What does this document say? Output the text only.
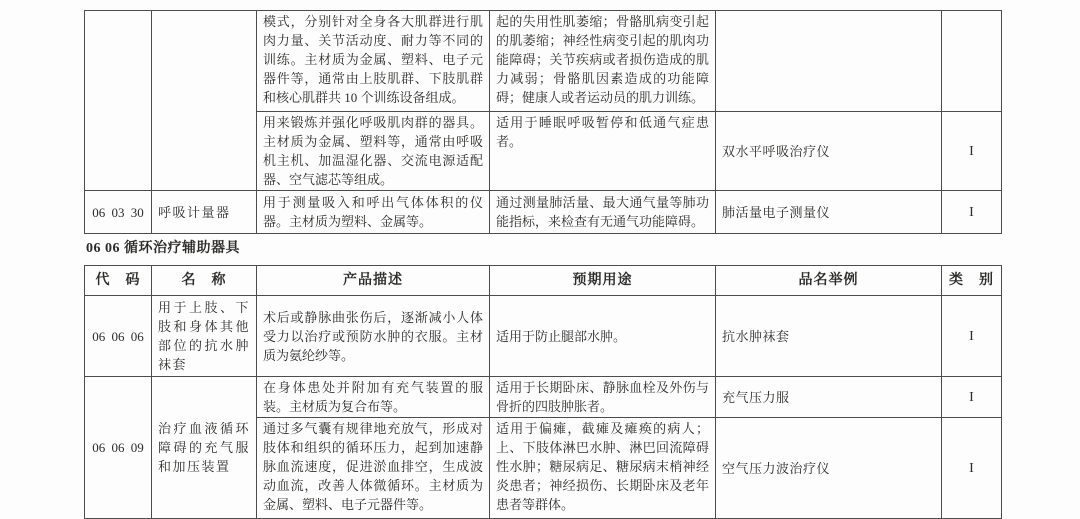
		模式，分别针对全身各大肌群进行肌肉力量、关节活动度、耐力等不同的训练。主材质为金属、塑料、电子元器件等，通常由上肢肌群、下肢肌群和核心肌群共 10 个训练设备组成。	起的失用性肌萎缩；骨骼肌病变引起的肌萎缩；神经性病变引起的肌肉功能障碍；关节疾病或者损伤造成的肌力减弱；骨骼肌因素造成的功能障碍；健康人或者运动员的肌力训练。		
		用来锻炼并强化呼吸肌肉群的器具。主材质为金属、塑料等，通常由呼吸机主机、加温湿化器、交流电源适配器、空气滤芯等组成。	适用于睡眠呼吸暂停和低通气症患者。	双水平呼吸治疗仪	I
06 03 30	呼吸计量器	用于测量吸入和呼出气体体积的仪器。主材质为塑料、金属等。	通过测量肺活量、最大通气量等肺功能指标，来检查有无通气功能障碍。	肺活量电子测量仪	I
06 06 循环治疗辅助器具
代　码	名　称	产品描述	预期用途	品名举例	类　别
06 06 06	用于上肢、下肢和身体其他部位的抗水肿袜套	术后或静脉曲张伤后，逐渐减小人体受力以治疗或预防水肿的衣服。主材质为氨纶纱等。	适用于防止腿部水肿。	抗水肿袜套	I
06 06 09	治疗血液循环障碍的充气服和加压装置	在身体患处并附加有充气装置的服装。主材质为复合布等。	适用于长期卧床、静脉血栓及外伤与骨折的四肢肿胀者。	充气压力服	I
		通过多气囊有规律地充放气，形成对肢体和组织的循环压力，起到加速静脉血流速度，促进淤血排空，生成波动血流，改善人体微循环。主材质为金属、塑料、电子元器件等。	适用于偏瘫，截瘫及瘫痪的病人；上、下肢体淋巴水肿、淋巴回流障碍性水肿；糖尿病足、糖尿病末梢神经炎患者；神经损伤、长期卧床及老年患者等群体。	空气压力波治疗仪	I
